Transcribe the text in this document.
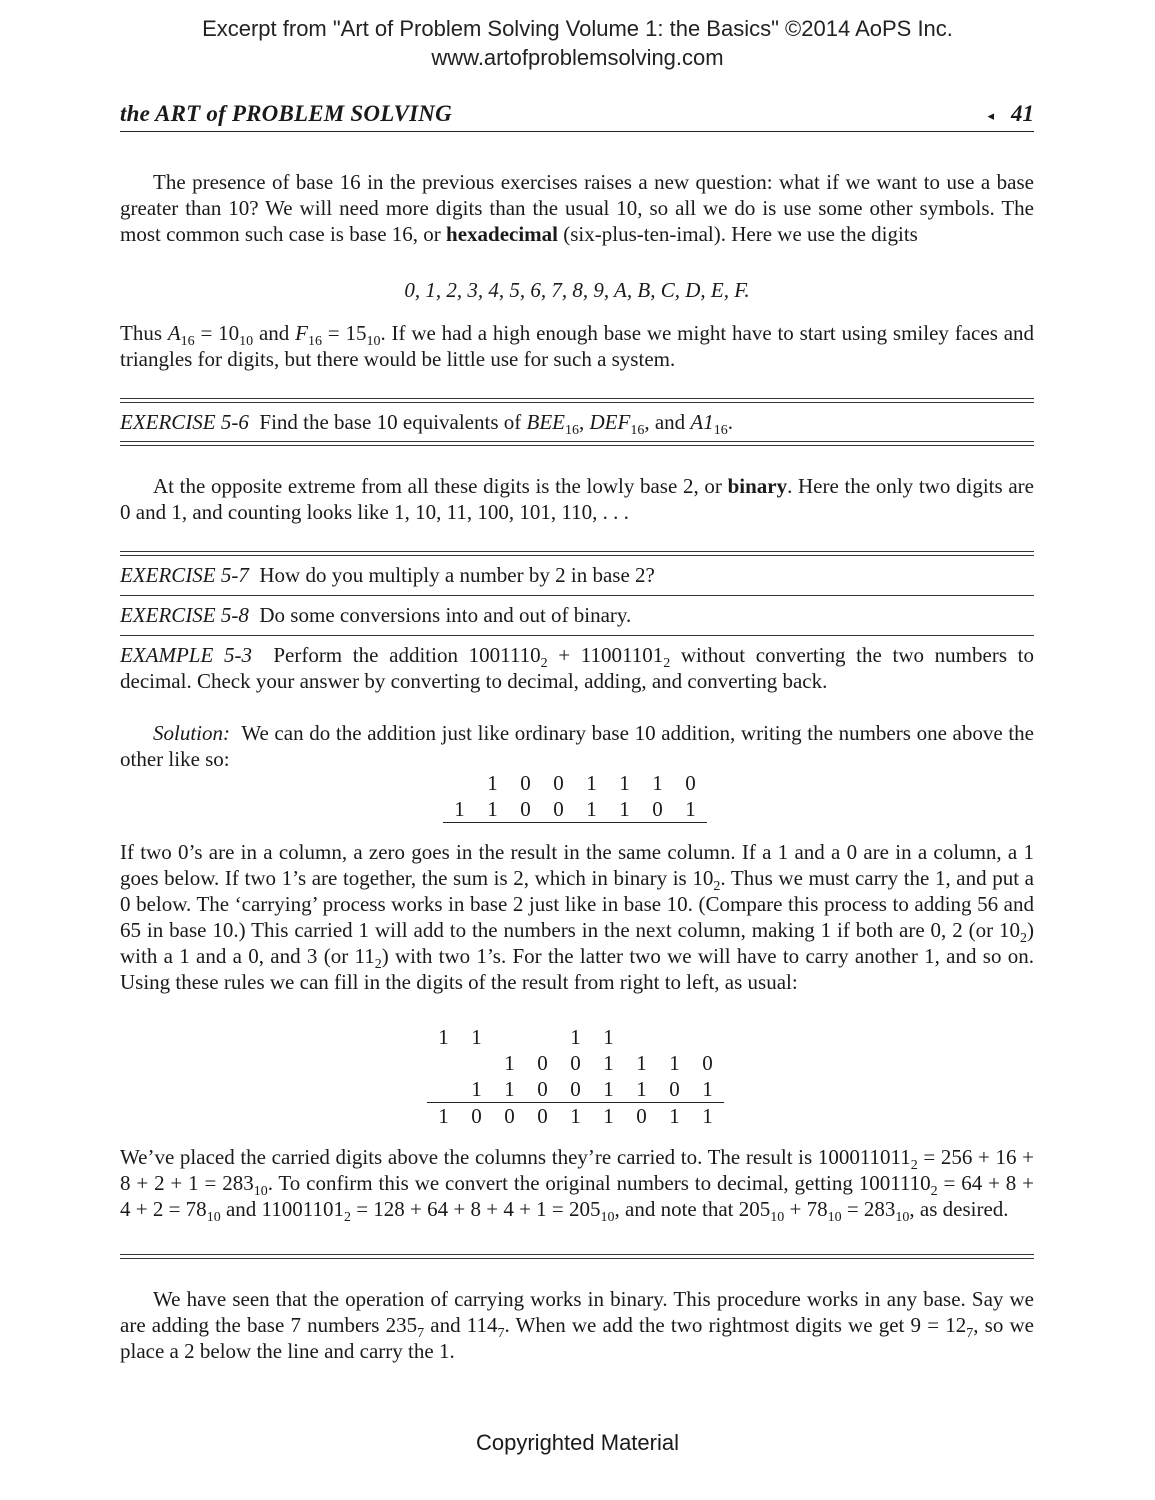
Excerpt from "Art of Problem Solving Volume 1: the Basics" ©2014 AoPS Inc.
www.artofproblemsolving.com
the ART of PROBLEM SOLVING	◂ 41
The presence of base 16 in the previous exercises raises a new question: what if we want to use a base greater than 10? We will need more digits than the usual 10, so all we do is use some other symbols. The most common such case is base 16, or hexadecimal (six-plus-ten-imal). Here we use the digits
0, 1, 2, 3, 4, 5, 6, 7, 8, 9, A, B, C, D, E, F.
Thus $A_{16} = 10_{10}$ and $F_{16} = 15_{10}$. If we had a high enough base we might have to start using smiley faces and triangles for digits, but there would be little use for such a system.
EXERCISE 5-6 Find the base 10 equivalents of $BEE_{16}$, $DEF_{16}$, and $A1_{16}$.
At the opposite extreme from all these digits is the lowly base 2, or binary. Here the only two digits are 0 and 1, and counting looks like 1, 10, 11, 100, 101, 110, . . .
EXERCISE 5-7 How do you multiply a number by 2 in base 2?
EXERCISE 5-8 Do some conversions into and out of binary.
EXAMPLE 5-3 Perform the addition $1001110_2 + 11001101_2$ without converting the two numbers to decimal. Check your answer by converting to decimal, adding, and converting back.
Solution: We can do the addition just like ordinary base 10 addition, writing the numbers one above the other like so:
	1	0	0	1	1	1	0
1	1	0	0	1	1	0	1
If two 0’s are in a column, a zero goes in the result in the same column. If a 1 and a 0 are in a column, a 1 goes below. If two 1’s are together, the sum is 2, which in binary is $10_2$. Thus we must carry the 1, and put a 0 below. The ‘carrying’ process works in base 2 just like in base 10. (Compare this process to adding 56 and 65 in base 10.) This carried 1 will add to the numbers in the next column, making 1 if both are 0, 2 (or $10_2$) with a 1 and a 0, and 3 (or $11_2$) with two 1’s. For the latter two we will have to carry another 1, and so on. Using these rules we can fill in the digits of the result from right to left, as usual:
1	1			1	1			
		1	0	0	1	1	1	0
	1	1	0	0	1	1	0	1
1	0	0	0	1	1	0	1	1
We’ve placed the carried digits above the columns they’re carried to. The result is $100011011_2 = 256 + 16 + 8 + 2 + 1 = 283_{10}$. To confirm this we convert the original numbers to decimal, getting $1001110_2 = 64 + 8 + 4 + 2 = 78_{10}$ and $11001101_2 = 128 + 64 + 8 + 4 + 1 = 205_{10}$, and note that $205_{10} + 78_{10} = 283_{10}$, as desired.
We have seen that the operation of carrying works in binary. This procedure works in any base. Say we are adding the base 7 numbers $235_7$ and $114_7$. When we add the two rightmost digits we get $9 = 12_7$, so we place a 2 below the line and carry the 1.
Copyrighted Material
